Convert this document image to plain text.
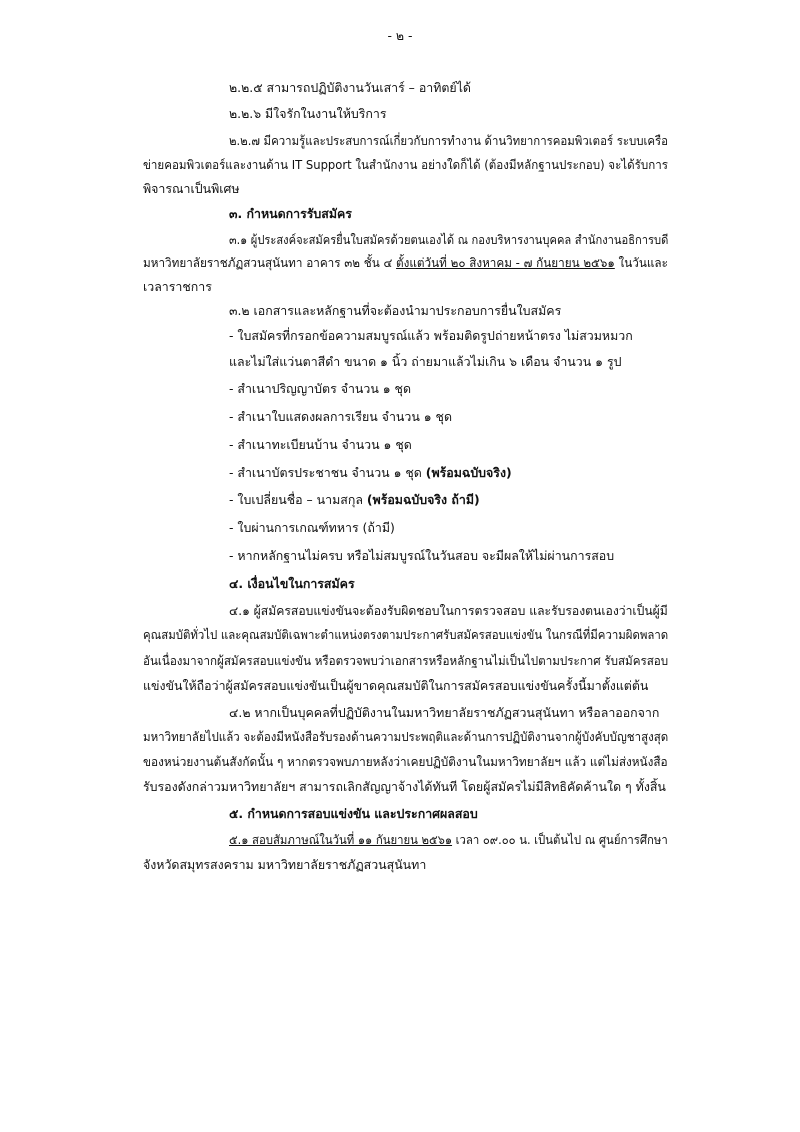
- ๒ -
๒.๒.๕ สามารถปฏิบัติงานวันเสาร์ – อาทิตย์ได้
๒.๒.๖ มีใจรักในงานให้บริการ
๒.๒.๗ มีความรู้และประสบการณ์เกี่ยวกับการทำงาน ด้านวิทยาการคอมพิวเตอร์ ระบบเครือ
ข่ายคอมพิวเตอร์และงานด้าน IT Support ในสำนักงาน อย่างใดก็ได้ (ต้องมีหลักฐานประกอบ) จะได้รับการ
พิจารณาเป็นพิเศษ
๓. กำหนดการรับสมัคร
๓.๑ ผู้ประสงค์จะสมัครยื่นใบสมัครด้วยตนเองได้ ณ กองบริหารงานบุคคล สำนักงานอธิการบดี
มหาวิทยาลัยราชภัฏสวนสุนันทา อาคาร ๓๒ ชั้น ๔ ตั้งแต่วันที่ ๒๐ สิงหาคม - ๗ กันยายน ๒๕๖๑ ในวันและ
เวลาราชการ
๓.๒ เอกสารและหลักฐานที่จะต้องนำมาประกอบการยื่นใบสมัคร
- ใบสมัครที่กรอกข้อความสมบูรณ์แล้ว พร้อมติดรูปถ่ายหน้าตรง ไม่สวมหมวก
และไม่ใส่แว่นตาสีดำ ขนาด ๑ นิ้ว ถ่ายมาแล้วไม่เกิน ๖ เดือน จำนวน ๑ รูป
- สำเนาปริญญาบัตร จำนวน ๑ ชุด
- สำเนาใบแสดงผลการเรียน จำนวน ๑ ชุด
- สำเนาทะเบียนบ้าน จำนวน ๑ ชุด
- สำเนาบัตรประชาชน จำนวน ๑ ชุด (พร้อมฉบับจริง)
- ใบเปลี่ยนชื่อ – นามสกุล (พร้อมฉบับจริง ถ้ามี)
- ใบผ่านการเกณฑ์ทหาร (ถ้ามี)
- หากหลักฐานไม่ครบ หรือไม่สมบูรณ์ในวันสอบ จะมีผลให้ไม่ผ่านการสอบ
๔. เงื่อนไขในการสมัคร
๔.๑ ผู้สมัครสอบแข่งขันจะต้องรับผิดชอบในการตรวจสอบ และรับรองตนเองว่าเป็นผู้มี
คุณสมบัติทั่วไป และคุณสมบัติเฉพาะตำแหน่งตรงตามประกาศรับสมัครสอบแข่งขัน ในกรณีที่มีความผิดพลาด
อันเนื่องมาจากผู้สมัครสอบแข่งขัน หรือตรวจพบว่าเอกสารหรือหลักฐานไม่เป็นไปตามประกาศ รับสมัครสอบ
แข่งขันให้ถือว่าผู้สมัครสอบแข่งขันเป็นผู้ขาดคุณสมบัติในการสมัครสอบแข่งขันครั้งนี้มาตั้งแต่ต้น
๔.๒ หากเป็นบุคคลที่ปฏิบัติงานในมหาวิทยาลัยราชภัฏสวนสุนันทา หรือลาออกจาก
มหาวิทยาลัยไปแล้ว จะต้องมีหนังสือรับรองด้านความประพฤติและด้านการปฏิบัติงานจากผู้บังคับบัญชาสูงสุด
ของหน่วยงานต้นสังกัดนั้น ๆ หากตรวจพบภายหลังว่าเคยปฏิบัติงานในมหาวิทยาลัยฯ แล้ว แต่ไม่ส่งหนังสือ
รับรองดังกล่าวมหาวิทยาลัยฯ สามารถเลิกสัญญาจ้างได้ทันที โดยผู้สมัครไม่มีสิทธิคัดค้านใด ๆ ทั้งสิ้น
๕. กำหนดการสอบแข่งขัน และประกาศผลสอบ
๕.๑ สอบสัมภาษณ์ในวันที่ ๑๑ กันยายน ๒๕๖๑ เวลา ๐๙.๐๐ น. เป็นต้นไป ณ ศูนย์การศึกษา
จังหวัดสมุทรสงคราม มหาวิทยาลัยราชภัฏสวนสุนันทา
